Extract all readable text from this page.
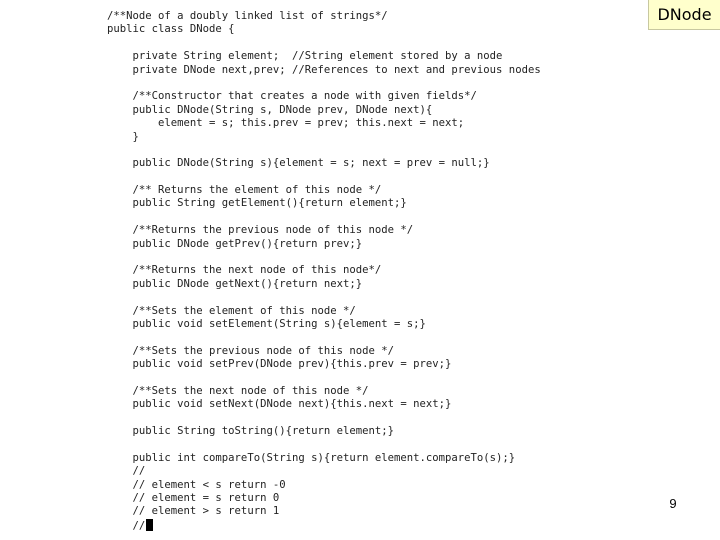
DNode
/**Node of a doubly linked list of strings*/
public class DNode {
private String element;  //String element stored by a node
private DNode next,prev; //References to next and previous nodes
/**Constructor that creates a node with given fields*/
public DNode(String s, DNode prev, DNode next){
element = s; this.prev = prev; this.next = next;
}
public DNode(String s){element = s; next = prev = null;}
/** Returns the element of this node */
public String getElement(){return element;}
/**Returns the previous node of this node */
public DNode getPrev(){return prev;}
/**Returns the next node of this node*/
public DNode getNext(){return next;}
/**Sets the element of this node */
public void setElement(String s){element = s;}
/**Sets the previous node of this node */
public void setPrev(DNode prev){this.prev = prev;}
/**Sets the next node of this node */
public void setNext(DNode next){this.next = next;}
public String toString(){return element;}
public int compareTo(String s){return element.compareTo(s);}
//
// element < s return -0
// element = s return 0
// element > s return 1
//
9
